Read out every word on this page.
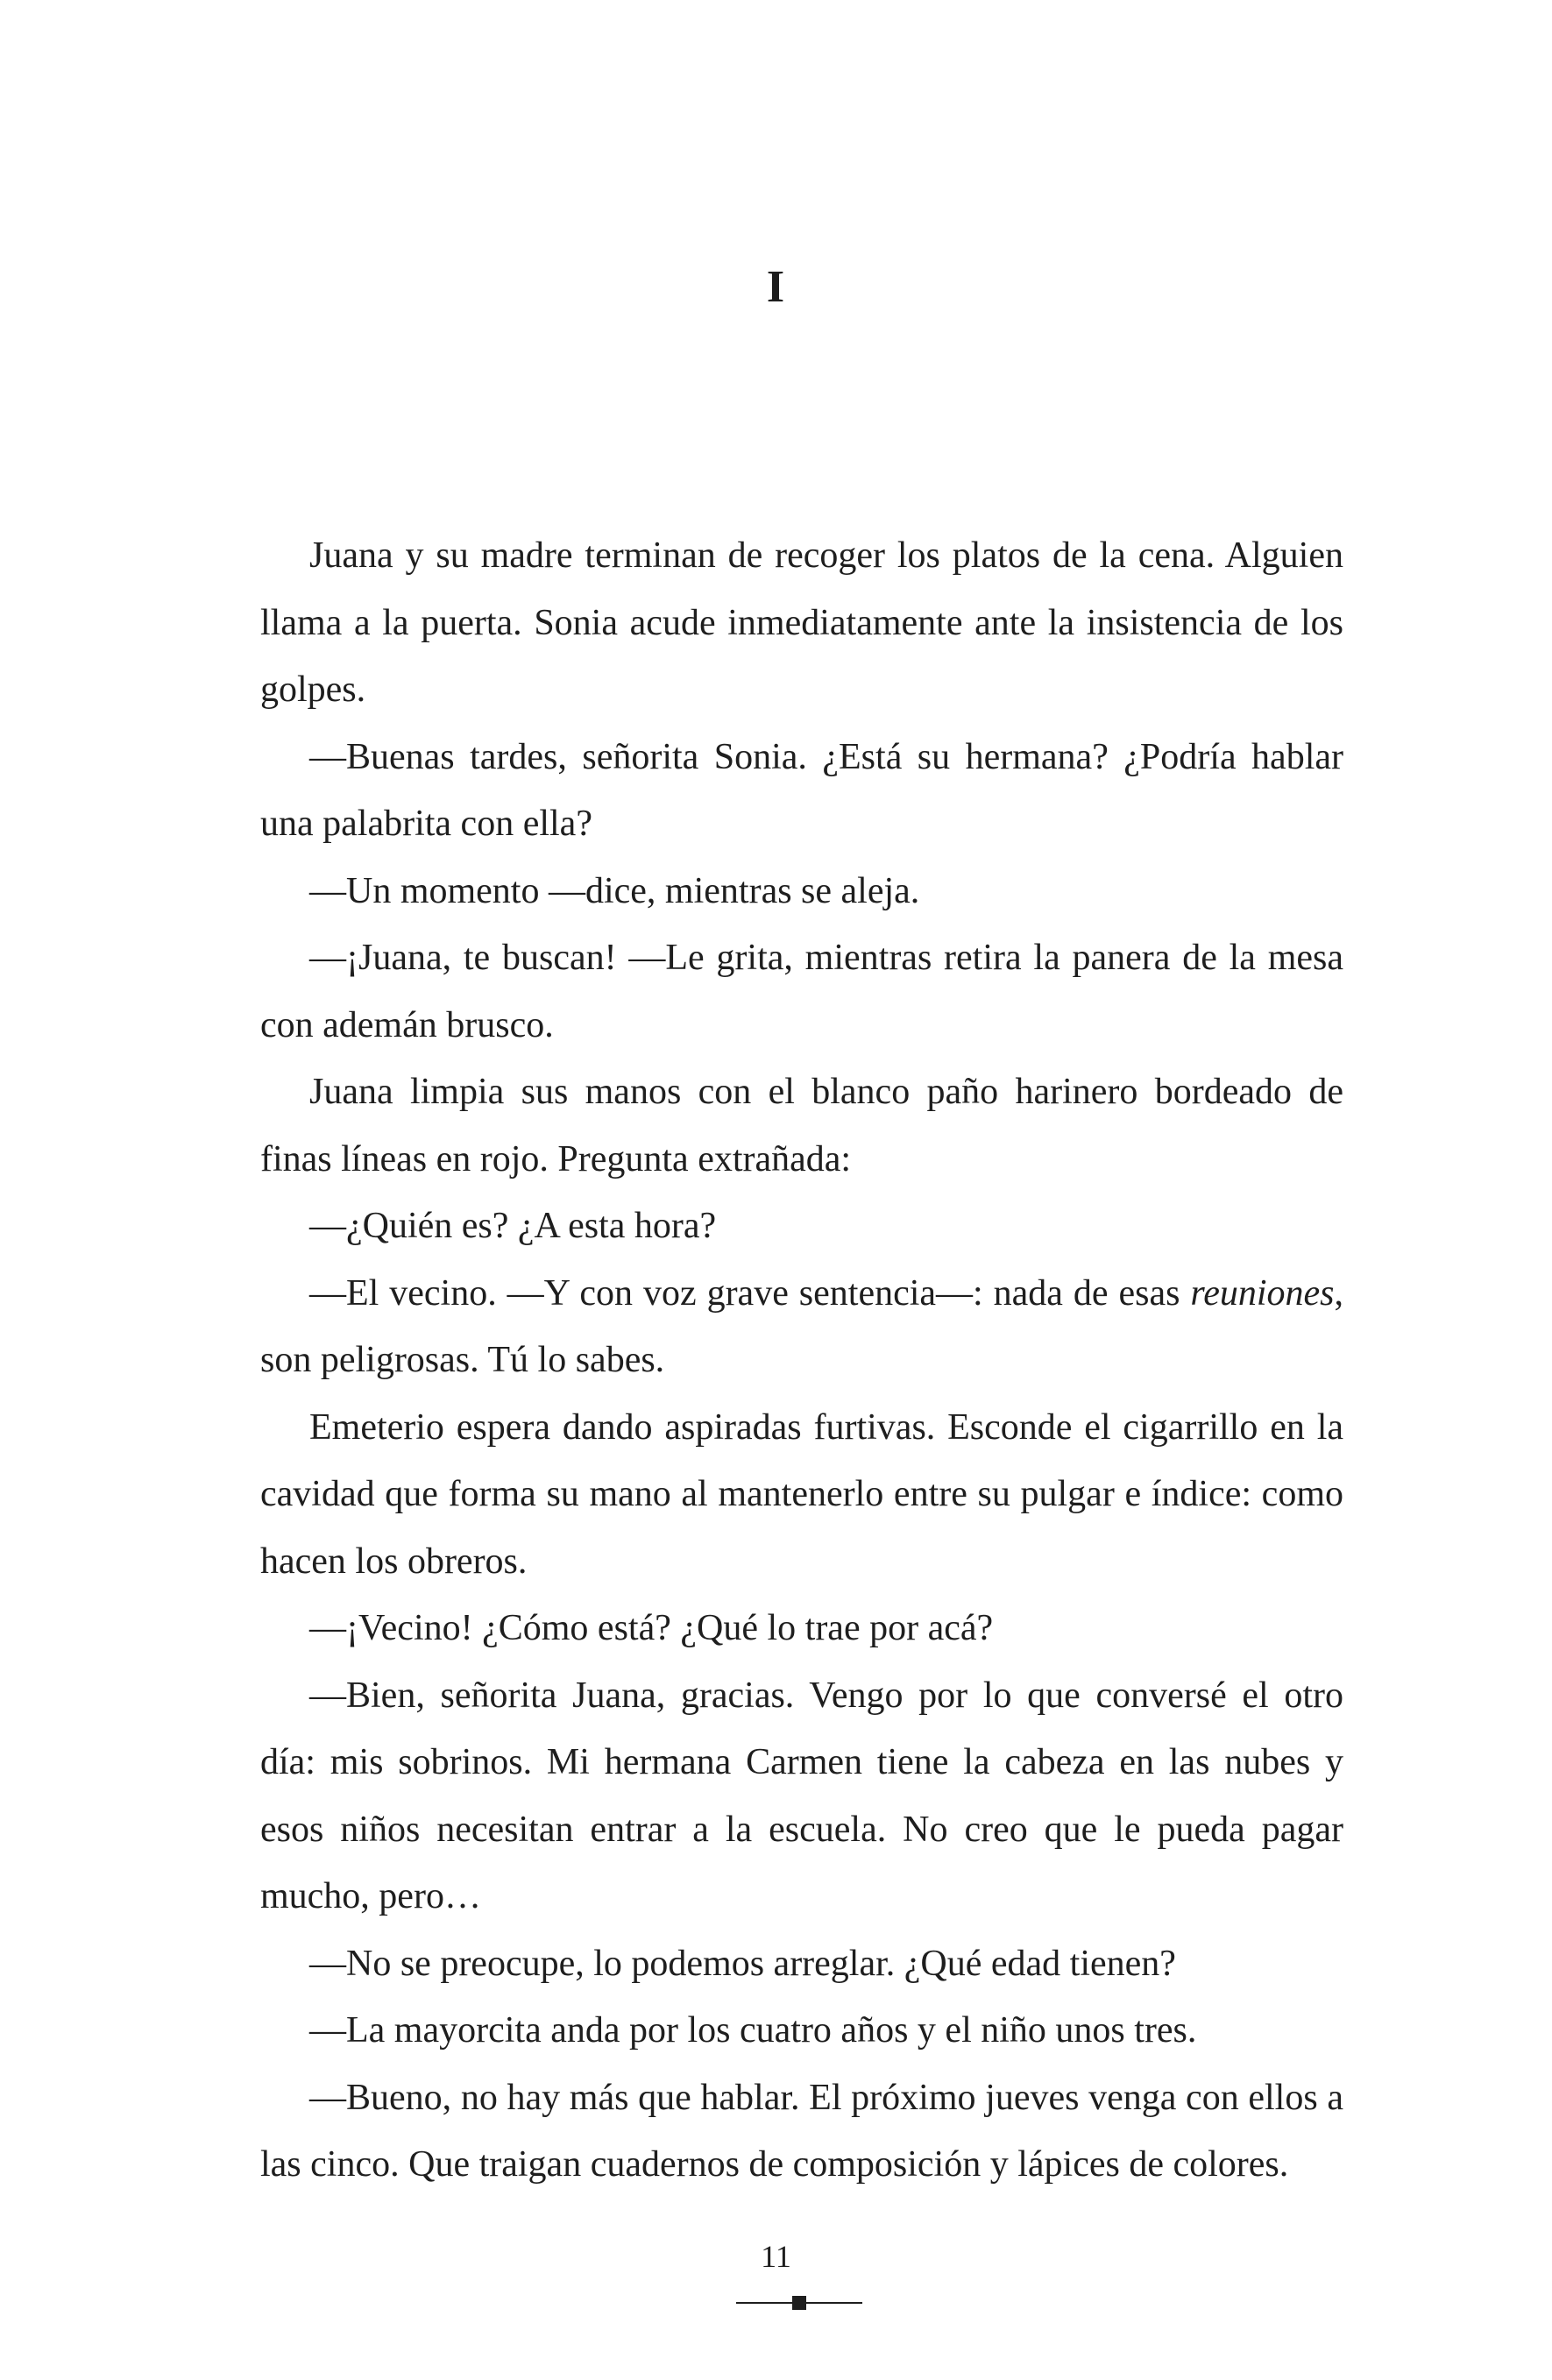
I

Juana y su madre terminan de recoger los platos de la cena. Alguien llama a la puerta. Sonia acude inmediatamente ante la insistencia de los golpes.

—Buenas tardes, señorita Sonia. ¿Está su hermana? ¿Podría hablar una palabrita con ella?

—Un momento —dice, mientras se aleja.

—¡Juana, te buscan! —Le grita, mientras retira la panera de la mesa con ademán brusco.

Juana limpia sus manos con el blanco paño harinero bordeado de finas líneas en rojo. Pregunta extrañada:

—¿Quién es? ¿A esta hora?

—El vecino. —Y con voz grave sentencia—: nada de esas reuniones, son peligrosas. Tú lo sabes.

Emeterio espera dando aspiradas furtivas. Esconde el cigarrillo en la cavidad que forma su mano al mantenerlo entre su pulgar e índice: como hacen los obreros.

—¡Vecino! ¿Cómo está? ¿Qué lo trae por acá?

—Bien, señorita Juana, gracias. Vengo por lo que conversé el otro día: mis sobrinos. Mi hermana Carmen tiene la cabeza en las nubes y esos niños necesitan entrar a la escuela. No creo que le pueda pagar mucho, pero…

—No se preocupe, lo podemos arreglar. ¿Qué edad tienen?

—La mayorcita anda por los cuatro años y el niño unos tres.

—Bueno, no hay más que hablar. El próximo jueves venga con ellos a las cinco. Que traigan cuadernos de composición y lápices de colores.

11
